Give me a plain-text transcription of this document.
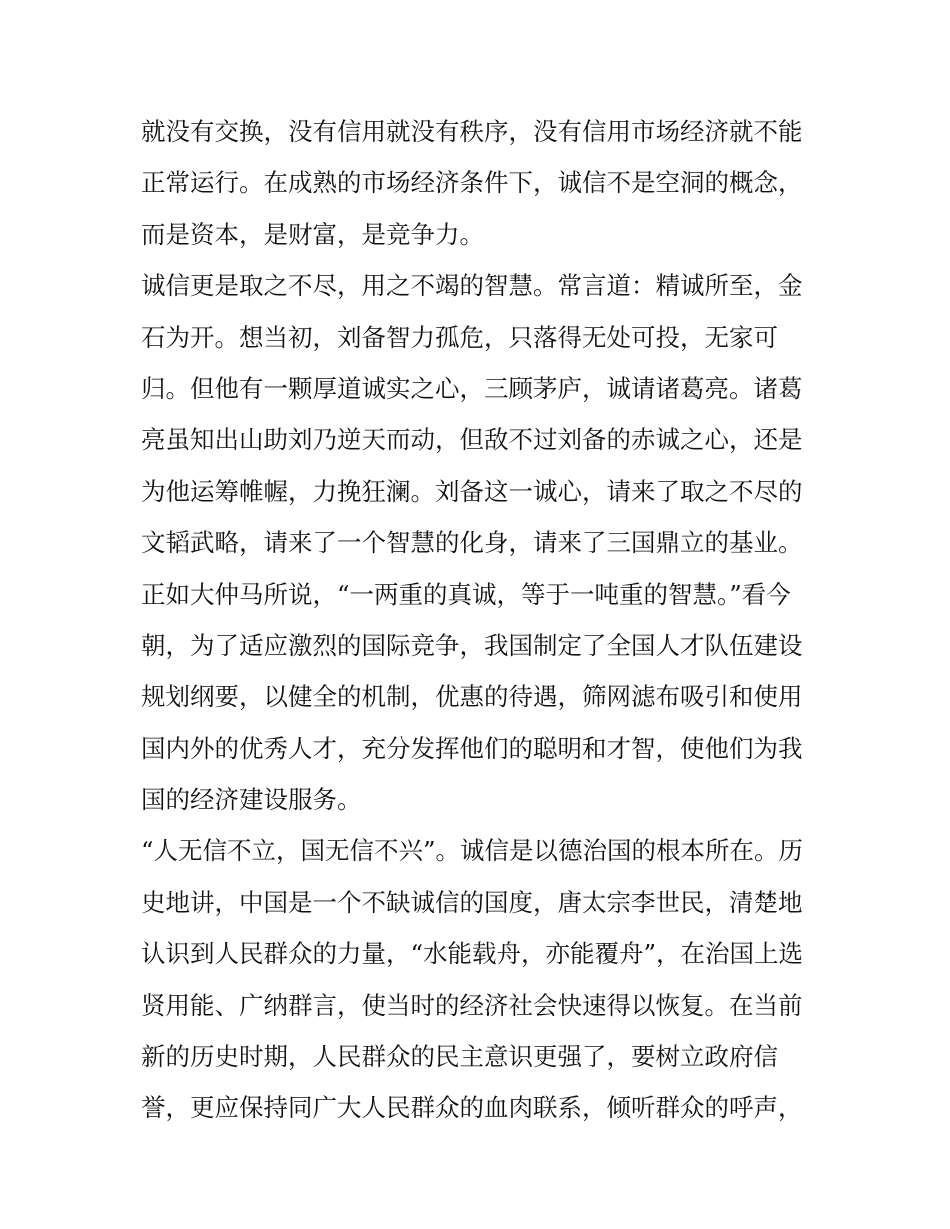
就没有交换，没有信用就没有秩序，没有信用市场经济就不能
正常运行。在成熟的市场经济条件下，诚信不是空洞的概念，
而是资本，是财富，是竞争力。
诚信更是取之不尽，用之不竭的智慧。常言道：精诚所至，金
石为开。想当初，刘备智力孤危，只落得无处可投，无家可
归。但他有一颗厚道诚实之心，三顾茅庐，诚请诸葛亮。诸葛
亮虽知出山助刘乃逆天而动，但敌不过刘备的赤诚之心，还是
为他运筹帷幄，力挽狂澜。刘备这一诚心，请来了取之不尽的
文韬武略，请来了一个智慧的化身，请来了三国鼎立的基业。
正如大仲马所说，“一两重的真诚，等于一吨重的智慧。”看今
朝，为了适应激烈的国际竞争，我国制定了全国人才队伍建设
规划纲要，以健全的机制，优惠的待遇，筛网滤布吸引和使用
国内外的优秀人才，充分发挥他们的聪明和才智，使他们为我
国的经济建设服务。
“人无信不立，国无信不兴”。诚信是以德治国的根本所在。历
史地讲，中国是一个不缺诚信的国度，唐太宗李世民，清楚地
认识到人民群众的力量，“水能载舟，亦能覆舟”，在治国上选
贤用能、广纳群言，使当时的经济社会快速得以恢复。在当前
新的历史时期，人民群众的民主意识更强了，要树立政府信
誉，更应保持同广大人民群众的血肉联系，倾听群众的呼声，
